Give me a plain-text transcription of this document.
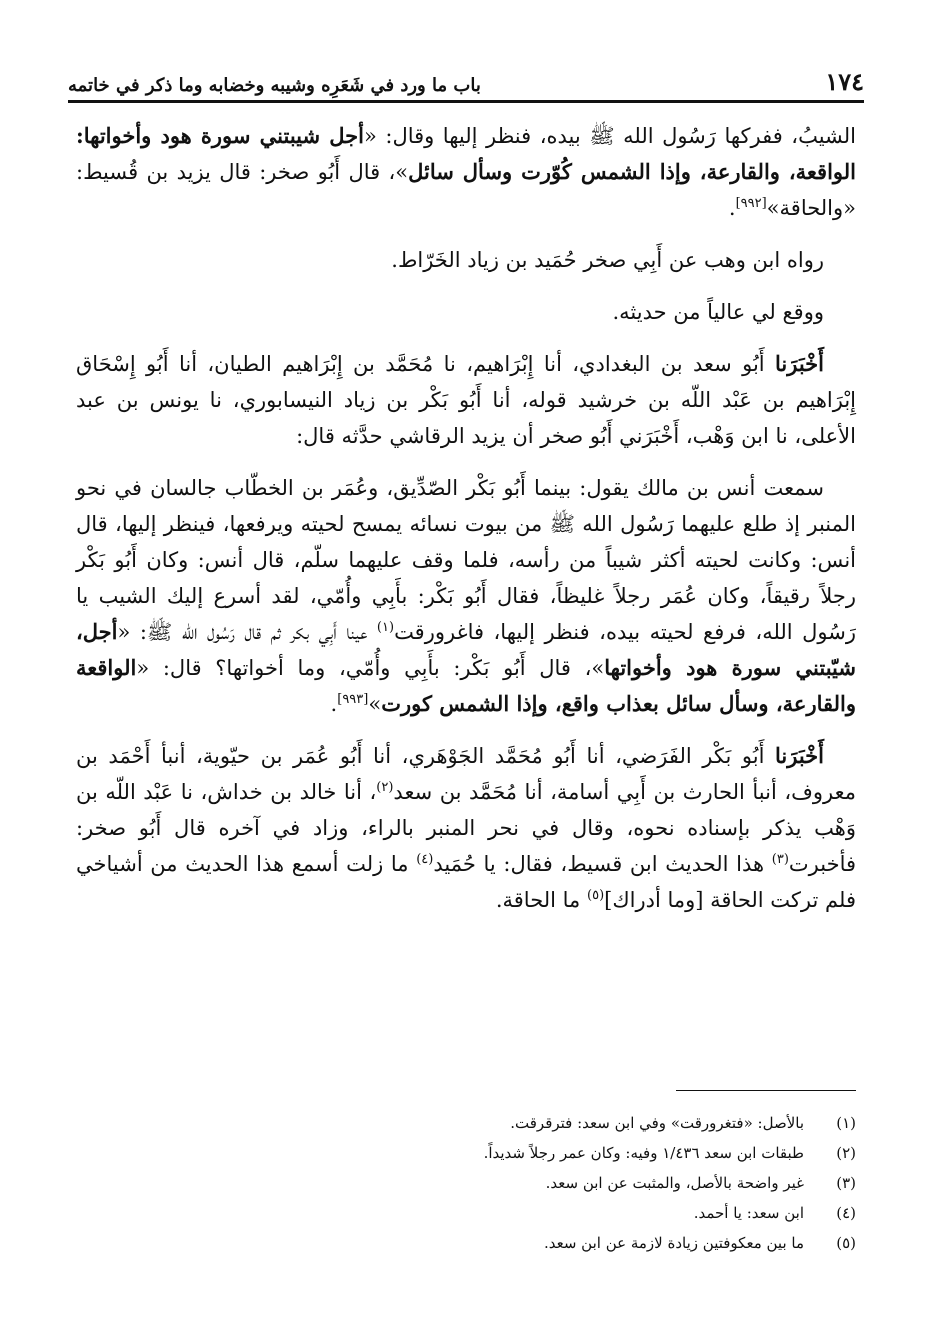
١٧٤
باب ما ورد في شَعَرِه وشيبه وخضابه وما ذكر في خاتمه

الشيبُ، ففركها رَسُول الله ﷺ بيده، فنظر إليها وقال: «أجل شيبتني سورة هود وأخواتها: الواقعة، والقارعة، وإذا الشمس كُوّرت وسأل سائل»، قال أَبُو صخر: قال يزيد بن قُسيط: «والحاقة»[٩٩٢].

رواه ابن وهب عن أَبِي صخر حُمَيد بن زياد الخَرّاط.

ووقع لي عالياً من حديثه.

أَخْبَرَنا أَبُو سعد بن البغدادي، أنا إِبْرَاهيم، نا مُحَمَّد بن إِبْرَاهيم الطيان، أنا أَبُو إِسْحَاق إِبْرَاهيم بن عَبْد اللّه بن خرشيد قوله، أنا أَبُو بَكْر بن زياد النيسابوري، نا يونس بن عبد الأعلى، نا ابن وَهْب، أَخْبَرَني أَبُو صخر أن يزيد الرقاشي حدَّثه قال:

سمعت أنس بن مالك يقول: بينما أَبُو بَكْر الصّدِّيق، وعُمَر بن الخطّاب جالسان في نحو المنبر إذ طلع عليهما رَسُول الله ﷺ من بيوت نسائه يمسح لحيته ويرفعها، فينظر إليها، قال أنس: وكانت لحيته أكثر شيباً من رأسه، فلما وقف عليهما سلّم، قال أنس: وكان أَبُو بَكْر رجلاً رقيقاً، وكان عُمَر رجلاً غليظاً، فقال أَبُو بَكْر: بأَبِي وأُمّي، لقد أسرع إليك الشيب يا رَسُول الله، فرفع لحيته بيده، فنظر إليها، فاغرورقت$^{(١)}$ عينا أَبِي بكر ثم قال رَسُول الله ﷺ: «أجل، شيّبتني سورة هود وأخواتها»، قال أَبُو بَكْر: بأَبِي وأُمّي، وما أخواتها؟ قال: «الواقعة والقارعة، وسأل سائل بعذاب واقع، وإذا الشمس كورت»[٩٩٣].

أَخْبَرَنا أَبُو بَكْر الفَرَضي، أنا أَبُو مُحَمَّد الجَوْهَري، أنا أَبُو عُمَر بن حيّوية، أنبأ أَحْمَد بن معروف، أنبأ الحارث بن أَبِي أسامة، أنا مُحَمَّد بن سعد$^{(٢)}$، أنا خالد بن خداش، نا عَبْد اللّه بن وَهْب يذكر بإسناده نحوه، وقال في نحر المنبر بالراء، وزاد في آخره قال أَبُو صخر: فأخبرت$^{(٣)}$ هذا الحديث ابن قسيط، فقال: يا حُمَيد$^{(٤)}$ ما زلت أسمع هذا الحديث من أشياخي فلم تركت الحاقة [وما أدراك]$^{(٥)}$ ما الحاقة.

(١)
بالأصل: «فتغرورقت» وفي ابن سعد: فترقرقت.
(٢)
طبقات ابن سعد ١/٤٣٦ وفيه: وكان عمر رجلاً شديداً.
(٣)
غير واضحة بالأصل، والمثبت عن ابن سعد.
(٤)
ابن سعد: يا أحمد.
(٥)
ما بين معكوفتين زيادة لازمة عن ابن سعد.
